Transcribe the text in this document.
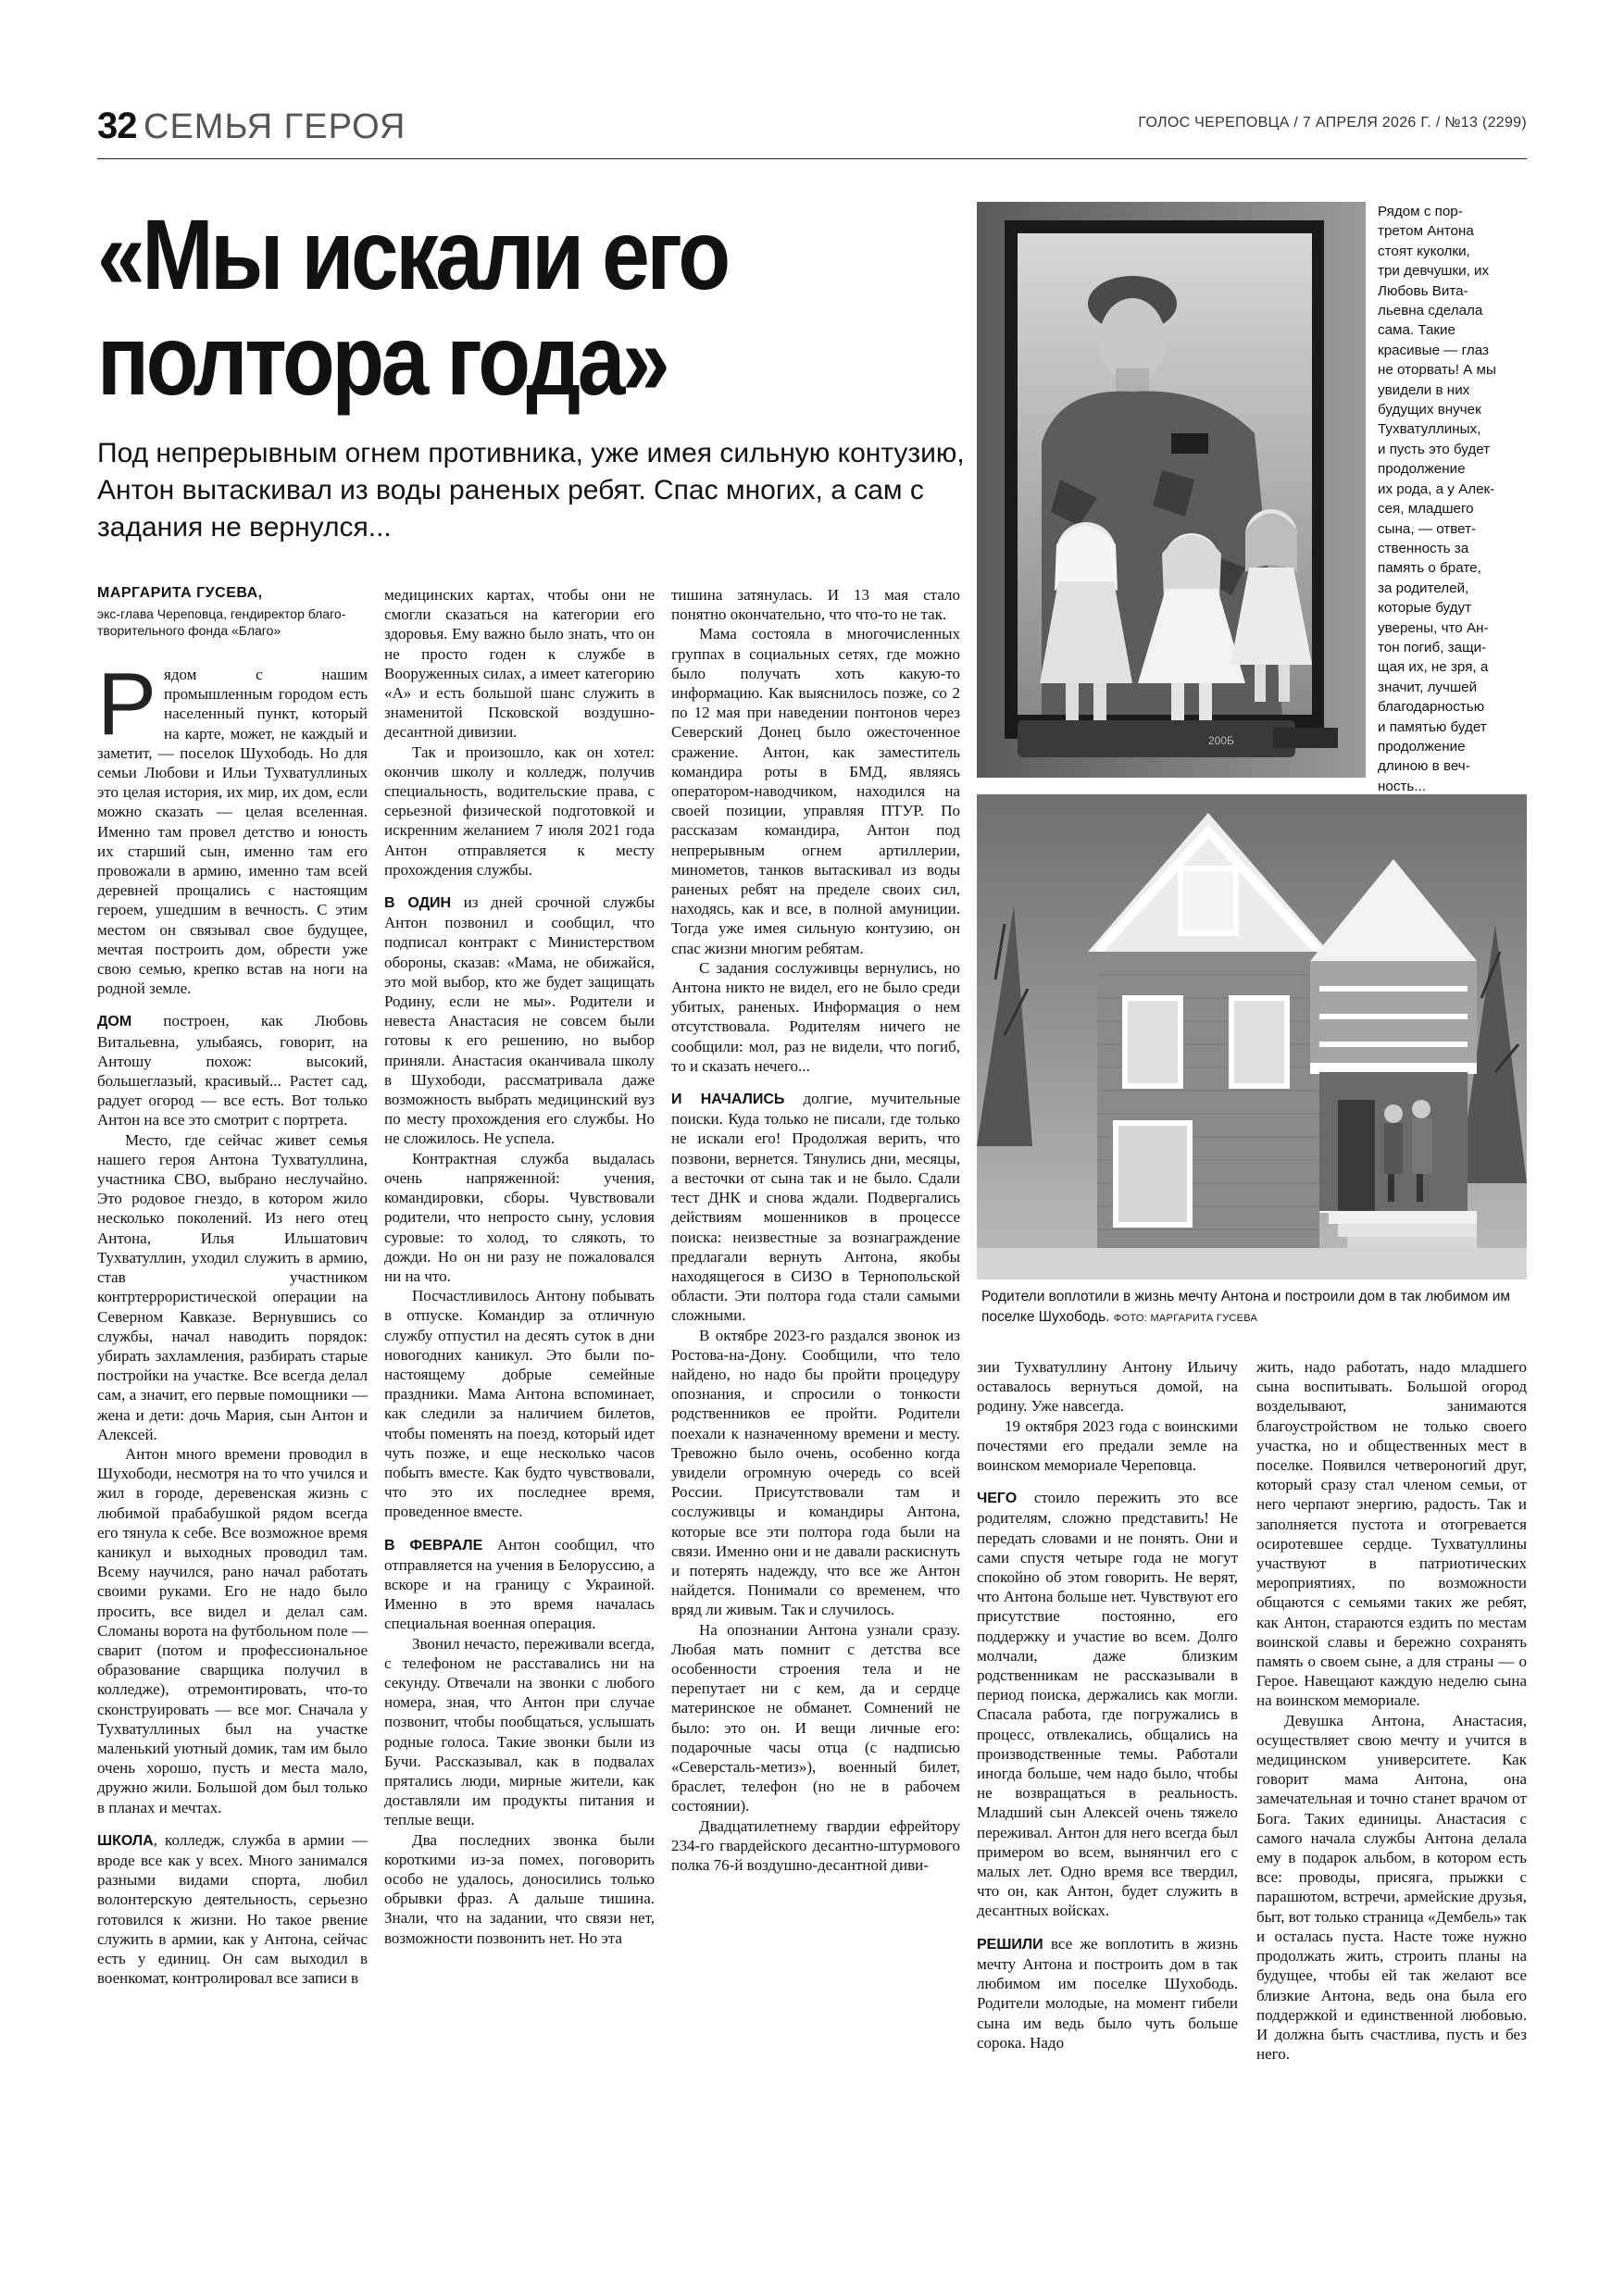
32 СЕМЬЯ ГЕРОЯ	ГОЛОС ЧЕРЕПОВЦА / 7 АПРЕЛЯ 2026 Г. / №13 (2299)
«Мы искали его
полтора года»
Под непрерывным огнем противника, уже имея сильную контузию, Антон вытаскивал из воды раненых ребят. Спас многих, а сам с задания не вернулся...
МАРГАРИТА ГУСЕВА,
экс-глава Череповца, гендиректор благотворительного фонда «Благо»
200Б
Рядом с пор-
третом Антона
стоят куколки,
три девчушки, их
Любовь Вита-
льевна сделала
сама. Такие
красивые — глаз
не оторвать! А мы
увидели в них
будущих внучек
Тухватуллиных,
и пусть это будет
продолжение
их рода, а у Алек-
сея, младшего
сына, — ответ-
ственность за
память о брате,
за родителей,
которые будут
уверены, что Ан-
тон погиб, защи-
щая их, не зря, а
значит, лучшей
благодарностью
и памятью будет
продолжение
длиною в веч-
ность...
Родители воплотили в жизнь мечту Антона и построили дом в так любимом им поселке Шухободь. ФОТО: МАРГАРИТА ГУСЕВА

Рядом с нашим промышленным городом есть населенный пункт, который на карте, может, не каждый и заметит, — поселок Шухободь. Но для семьи Любови и Ильи Тухватуллиных это целая история, их мир, их дом, если можно сказать — целая вселенная. Именно там провел детство и юность их старший сын, именно там его провожали в армию, именно там всей деревней прощались с настоящим героем, ушедшим в вечность. С этим местом он связывал свое будущее, мечтая построить дом, обрести уже свою семью, крепко встав на ноги на родной земле.

ДОМ построен, как Любовь Витальевна, улыбаясь, говорит, на Антошу похож: высокий, большеглазый, красивый... Растет сад, радует огород — все есть. Вот только Антон на все это смотрит с портрета.

Место, где сейчас живет семья нашего героя Антона Тухватуллина, участника СВО, выбрано неслучайно. Это родовое гнездо, в котором жило несколько поколений. Из него отец Антона, Илья Ильшатович Тухватуллин, уходил служить в армию, став участником контртеррористической операции на Северном Кавказе. Вернувшись со службы, начал наводить порядок: убирать захламления, разбирать старые постройки на участке. Все всегда делал сам, а значит, его первые помощники — жена и дети: дочь Мария, сын Антон и Алексей.

Антон много времени проводил в Шухободи, несмотря на то что учился и жил в городе, деревенская жизнь с любимой прабабушкой рядом всегда его тянула к себе. Все возможное время каникул и выходных проводил там. Всему научился, рано начал работать своими руками. Его не надо было просить, все видел и делал сам. Сломаны ворота на футбольном поле — сварит (потом и профессиональное образование сварщика получил в колледже), отремонтировать, что-то сконструировать — все мог. Сначала у Тухватуллиных был на участке маленький уютный домик, там им было очень хорошо, пусть и места мало, дружно жили. Большой дом был только в планах и мечтах.

ШКОЛА, колледж, служба в армии — вроде все как у всех. Много занимался разными видами спорта, любил волонтерскую деятельность, серьезно готовился к жизни. Но такое рвение служить в армии, как у Антона, сейчас есть у единиц. Он сам выходил в военкомат, контролировал все записи в

медицинских картах, чтобы они не смогли сказаться на категории его здоровья. Ему важно было знать, что он не просто годен к службе в Вооруженных силах, а имеет категорию «А» и есть большой шанс служить в знаменитой Псковской воздушно-десантной дивизии.

Так и произошло, как он хотел: окончив школу и колледж, получив специальность, водительские права, с серьезной физической подготовкой и искренним желанием 7 июля 2021 года Антон отправляется к месту прохождения службы.

В ОДИН из дней срочной службы Антон позвонил и сообщил, что подписал контракт с Министерством обороны, сказав: «Мама, не обижайся, это мой выбор, кто же будет защищать Родину, если не мы». Родители и невеста Анастасия не совсем были готовы к его решению, но выбор приняли. Анастасия оканчивала школу в Шухободи, рассматривала даже возможность выбрать медицинский вуз по месту прохождения его службы. Но не сложилось. Не успела.

Контрактная служба выдалась очень напряженной: учения, командировки, сборы. Чувствовали родители, что непросто сыну, условия суровые: то холод, то слякоть, то дожди. Но он ни разу не пожаловался ни на что.

Посчастливилось Антону побывать в отпуске. Командир за отличную службу отпустил на десять суток в дни новогодних каникул. Это были по-настоящему добрые семейные праздники. Мама Антона вспоминает, как следили за наличием билетов, чтобы поменять на поезд, который идет чуть позже, и еще несколько часов побыть вместе. Как будто чувствовали, что это их последнее время, проведенное вместе.

В ФЕВРАЛЕ Антон сообщил, что отправляется на учения в Белоруссию, а вскоре и на границу с Украиной. Именно в это время началась специальная военная операция.

Звонил нечасто, переживали всегда, с телефоном не расставались ни на секунду. Отвечали на звонки с любого номера, зная, что Антон при случае позвонит, чтобы пообщаться, услышать родные голоса. Такие звонки были из Бучи. Рассказывал, как в подвалах прятались люди, мирные жители, как доставляли им продукты питания и теплые вещи.

Два последних звонка были короткими из-за помех, поговорить особо не удалось, доносились только обрывки фраз. А дальше тишина. Знали, что на задании, что связи нет, возможности позвонить нет. Но эта

тишина затянулась. И 13 мая стало понятно окончательно, что что-то не так.

Мама состояла в многочисленных группах в социальных сетях, где можно было получать хоть какую-то информацию. Как выяснилось позже, со 2 по 12 мая при наведении понтонов через Северский Донец было ожесточенное сражение. Антон, как заместитель командира роты в БМД, являясь оператором-наводчиком, находился на своей позиции, управляя ПТУР. По рассказам командира, Антон под непрерывным огнем артиллерии, минометов, танков вытаскивал из воды раненых ребят на пределе своих сил, находясь, как и все, в полной амуниции. Тогда уже имея сильную контузию, он спас жизни многим ребятам.

С задания сослуживцы вернулись, но Антона никто не видел, его не было среди убитых, раненых. Информация о нем отсутствовала. Родителям ничего не сообщили: мол, раз не видели, что погиб, то и сказать нечего...

И НАЧАЛИСЬ долгие, мучительные поиски. Куда только не писали, где только не искали его! Продолжая верить, что позвони, вернется. Тянулись дни, месяцы, а весточки от сына так и не было. Сдали тест ДНК и снова ждали. Подвергались действиям мошенников в процессе поиска: неизвестные за вознаграждение предлагали вернуть Антона, якобы находящегося в СИЗО в Тернопольской области. Эти полтора года стали самыми сложными.

В октябре 2023-го раздался звонок из Ростова-на-Дону. Сообщили, что тело найдено, но надо бы пройти процедуру опознания, и спросили о тонкости родственников ее пройти. Родители поехали к назначенному времени и месту. Тревожно было очень, особенно когда увидели огромную очередь со всей России. Присутствовали там и сослуживцы и командиры Антона, которые все эти полтора года были на связи. Именно они и не давали раскиснуть и потерять надежду, что все же Антон найдется. Понимали со временем, что вряд ли живым. Так и случилось.

На опознании Антона узнали сразу. Любая мать помнит с детства все особенности строения тела и не перепутает ни с кем, да и сердце материнское не обманет. Сомнений не было: это он. И вещи личные его: подарочные часы отца (с надписью «Северсталь-метиз»), военный билет, браслет, телефон (но не в рабочем состоянии).

Двадцатилетнему гвардии ефрейтору 234-го гвардейского десантно-штурмового полка 76-й воздушно-десантной диви-

зии Тухватуллину Антону Ильичу оставалось вернуться домой, на родину. Уже навсегда.

19 октября 2023 года с воинскими почестями его предали земле на воинском мемориале Череповца.

ЧЕГО стоило пережить это все родителям, сложно представить! Не передать словами и не понять. Они и сами спустя четыре года не могут спокойно об этом говорить. Не верят, что Антона больше нет. Чувствуют его присутствие постоянно, его поддержку и участие во всем. Долго молчали, даже близким родственникам не рассказывали в период поиска, держались как могли. Спасала работа, где погружались в процесс, отвлекались, общались на производственные темы. Работали иногда больше, чем надо было, чтобы не возвращаться в реальность. Младший сын Алексей очень тяжело переживал. Антон для него всегда был примером во всем, вынянчил его с малых лет. Одно время все твердил, что он, как Антон, будет служить в десантных войсках.

РЕШИЛИ все же воплотить в жизнь мечту Антона и построить дом в так любимом им поселке Шухободь. Родители молодые, на момент гибели сына им ведь было чуть больше сорока. Надо

жить, надо работать, надо младшего сына воспитывать. Большой огород возделывают, занимаются благоустройством не только своего участка, но и общественных мест в поселке. Появился четвероногий друг, который сразу стал членом семьи, от него черпают энергию, радость. Так и заполняется пустота и отогревается осиротевшее сердце. Тухватуллины участвуют в патриотических мероприятиях, по возможности общаются с семьями таких же ребят, как Антон, стараются ездить по местам воинской славы и бережно сохранять память о своем сыне, а для страны — о Герое. Навещают каждую неделю сына на воинском мемориале.

Девушка Антона, Анастасия, осуществляет свою мечту и учится в медицинском университете. Как говорит мама Антона, она замечательная и точно станет врачом от Бога. Таких единицы. Анастасия с самого начала службы Антона делала ему в подарок альбом, в котором есть все: проводы, присяга, прыжки с парашютом, встречи, армейские друзья, быт, вот только страница «Дембель» так и осталась пуста. Насте тоже нужно продолжать жить, строить планы на будущее, чтобы ей так желают все близкие Антона, ведь она была его поддержкой и единственной любовью. И должна быть счастлива, пусть и без него.
